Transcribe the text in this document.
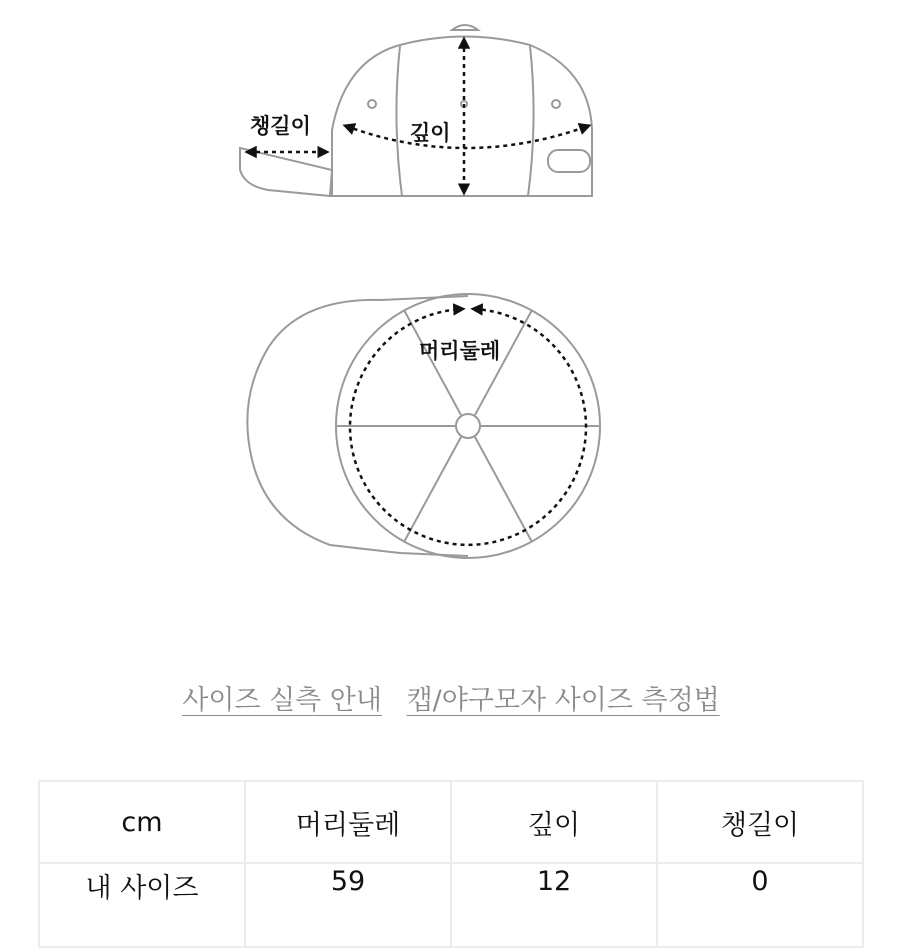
챙길이	깊이
머리둘레
사이즈 실측 안내 캡/야구모자 사이즈 측정법
cm	머리둘레	깊이	챙길이
내 사이즈	59	12	0
